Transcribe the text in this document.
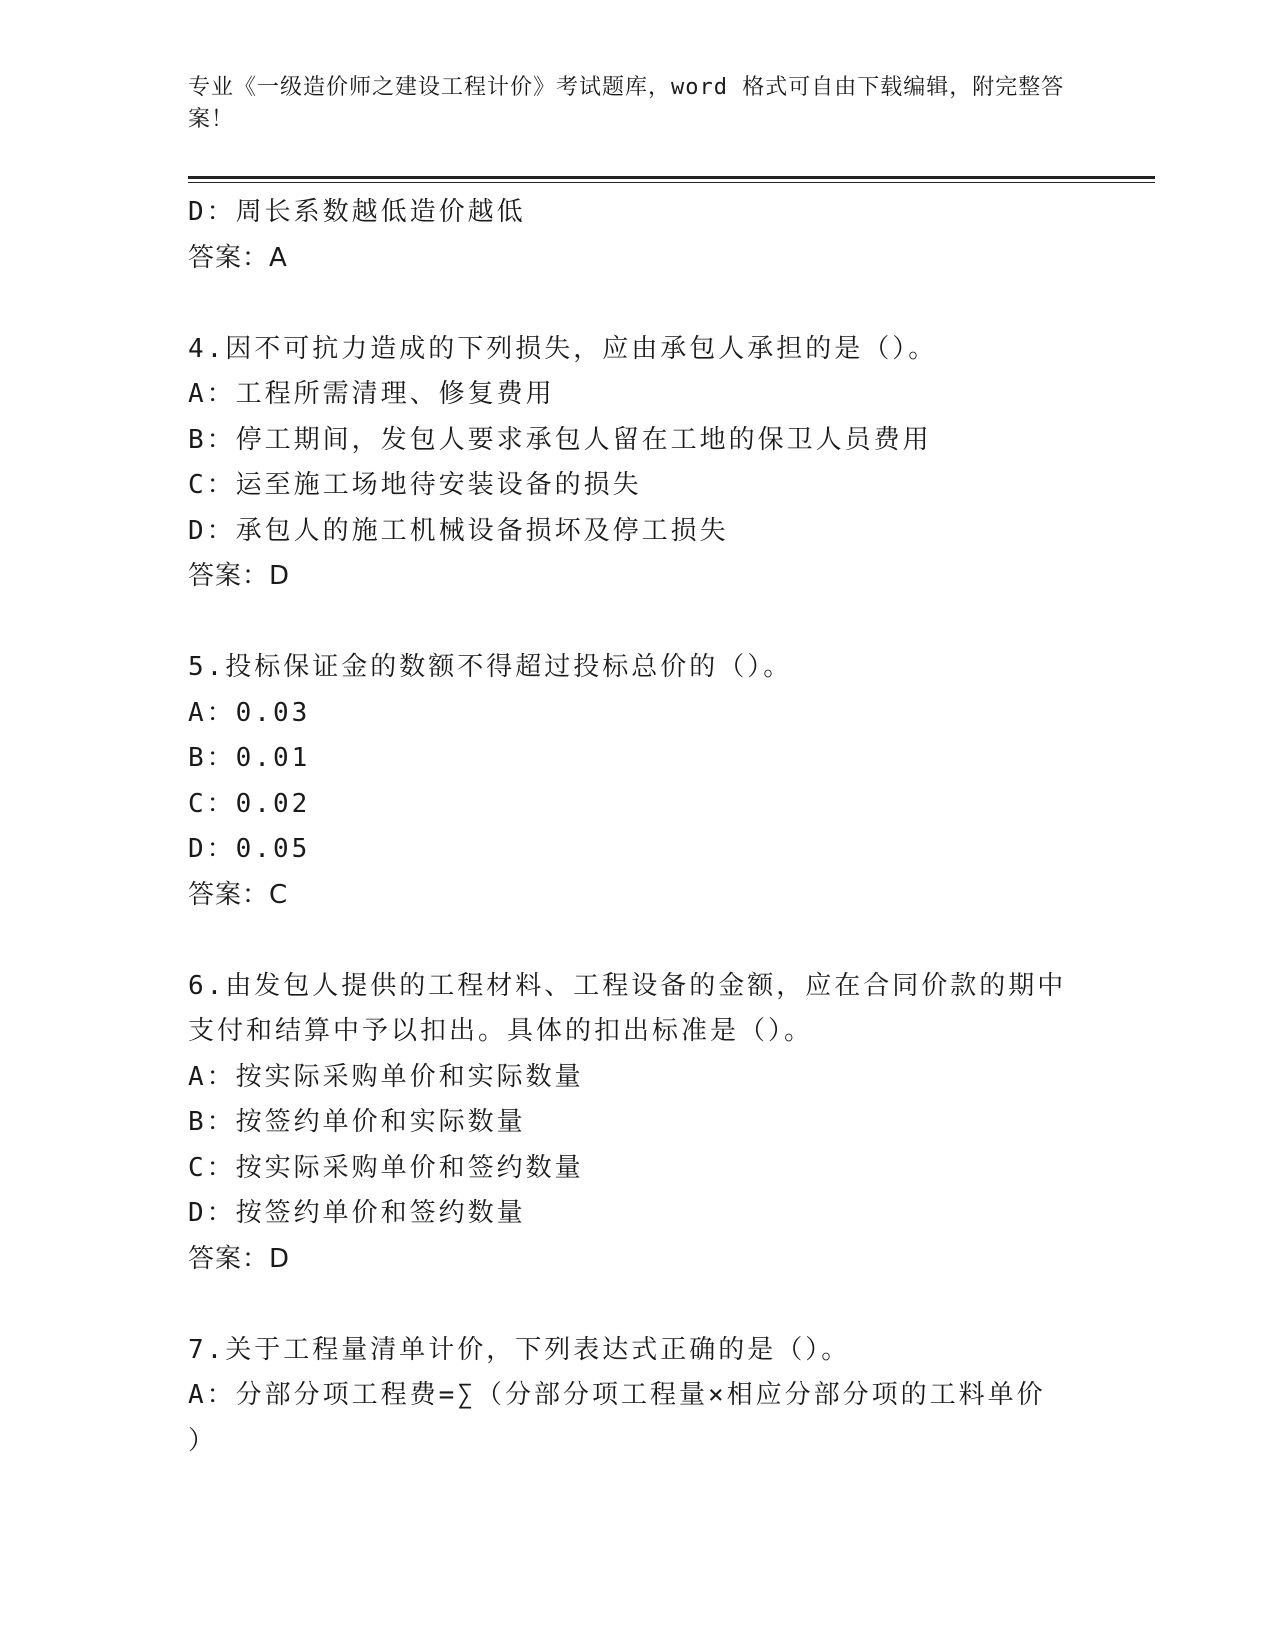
专业《一级造价师之建设工程计价》考试题库，word 格式可自由下载编辑，附完整答案！
D：周长系数越低造价越低
答案：A
4.因不可抗力造成的下列损失，应由承包人承担的是（）。
A：工程所需清理、修复费用
B：停工期间，发包人要求承包人留在工地的保卫人员费用
C：运至施工场地待安装设备的损失
D：承包人的施工机械设备损坏及停工损失
答案：D
5.投标保证金的数额不得超过投标总价的（）。
A：0.03
B：0.01
C：0.02
D：0.05
答案：C
6.由发包人提供的工程材料、工程设备的金额，应在合同价款的期中
支付和结算中予以扣出。具体的扣出标准是（）。
A：按实际采购单价和实际数量
B：按签约单价和实际数量
C：按实际采购单价和签约数量
D：按签约单价和签约数量
答案：D
7.关于工程量清单计价，下列表达式正确的是（）。
A：分部分项工程费=∑（分部分项工程量×相应分部分项的工料单价
）
